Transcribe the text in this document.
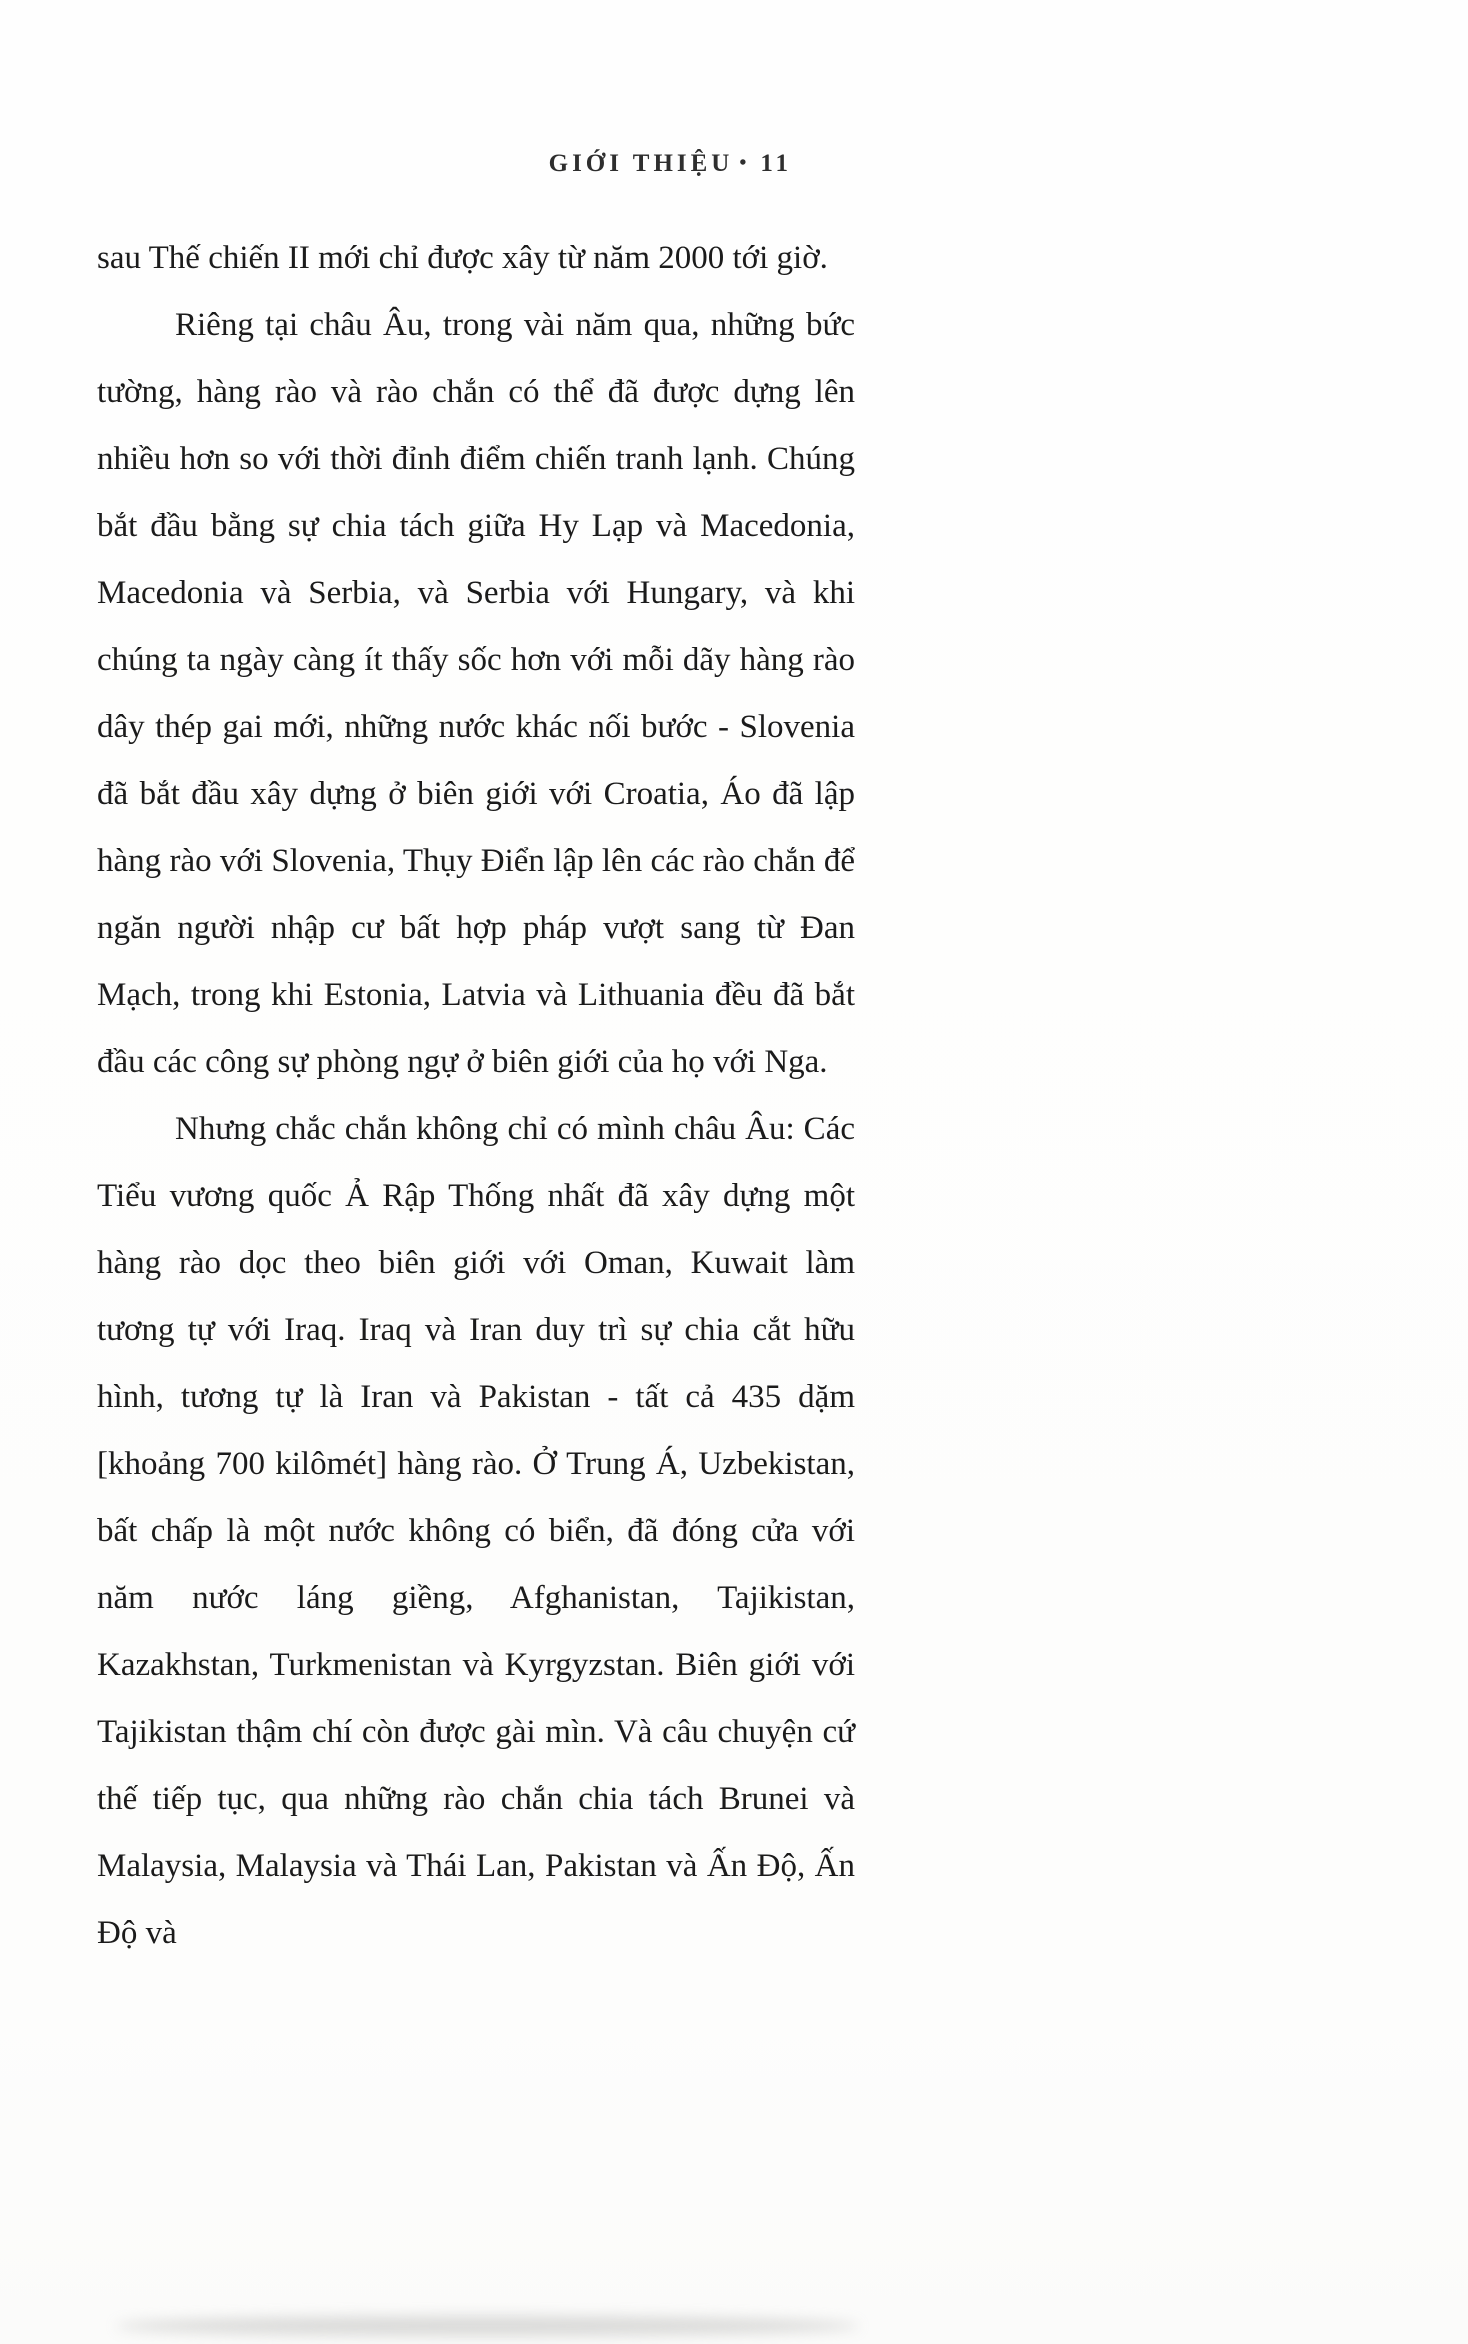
GIỚI THIỆU • 11

sau Thế chiến II mới chỉ được xây từ năm 2000 tới giờ.

Riêng tại châu Âu, trong vài năm qua, những bức tường, hàng rào và rào chắn có thể đã được dựng lên nhiều hơn so với thời đỉnh điểm chiến tranh lạnh. Chúng bắt đầu bằng sự chia tách giữa Hy Lạp và Macedonia, Macedonia và Serbia, và Serbia với Hungary, và khi chúng ta ngày càng ít thấy sốc hơn với mỗi dãy hàng rào dây thép gai mới, những nước khác nối bước - Slovenia đã bắt đầu xây dựng ở biên giới với Croatia, Áo đã lập hàng rào với Slovenia, Thụy Điển lập lên các rào chắn để ngăn người nhập cư bất hợp pháp vượt sang từ Đan Mạch, trong khi Estonia, Latvia và Lithuania đều đã bắt đầu các công sự phòng ngự ở biên giới của họ với Nga.

Nhưng chắc chắn không chỉ có mình châu Âu: Các Tiểu vương quốc Ả Rập Thống nhất đã xây dựng một hàng rào dọc theo biên giới với Oman, Kuwait làm tương tự với Iraq. Iraq và Iran duy trì sự chia cắt hữu hình, tương tự là Iran và Pakistan - tất cả 435 dặm [khoảng 700 kilômét] hàng rào. Ở Trung Á, Uzbekistan, bất chấp là một nước không có biển, đã đóng cửa với năm nước láng giềng, Afghanistan, Tajikistan, Kazakhstan, Turkmenistan và Kyrgyzstan. Biên giới với Tajikistan thậm chí còn được gài mìn. Và câu chuyện cứ thế tiếp tục, qua những rào chắn chia tách Brunei và Malaysia, Malaysia và Thái Lan, Pakistan và Ấn Độ, Ấn Độ và
